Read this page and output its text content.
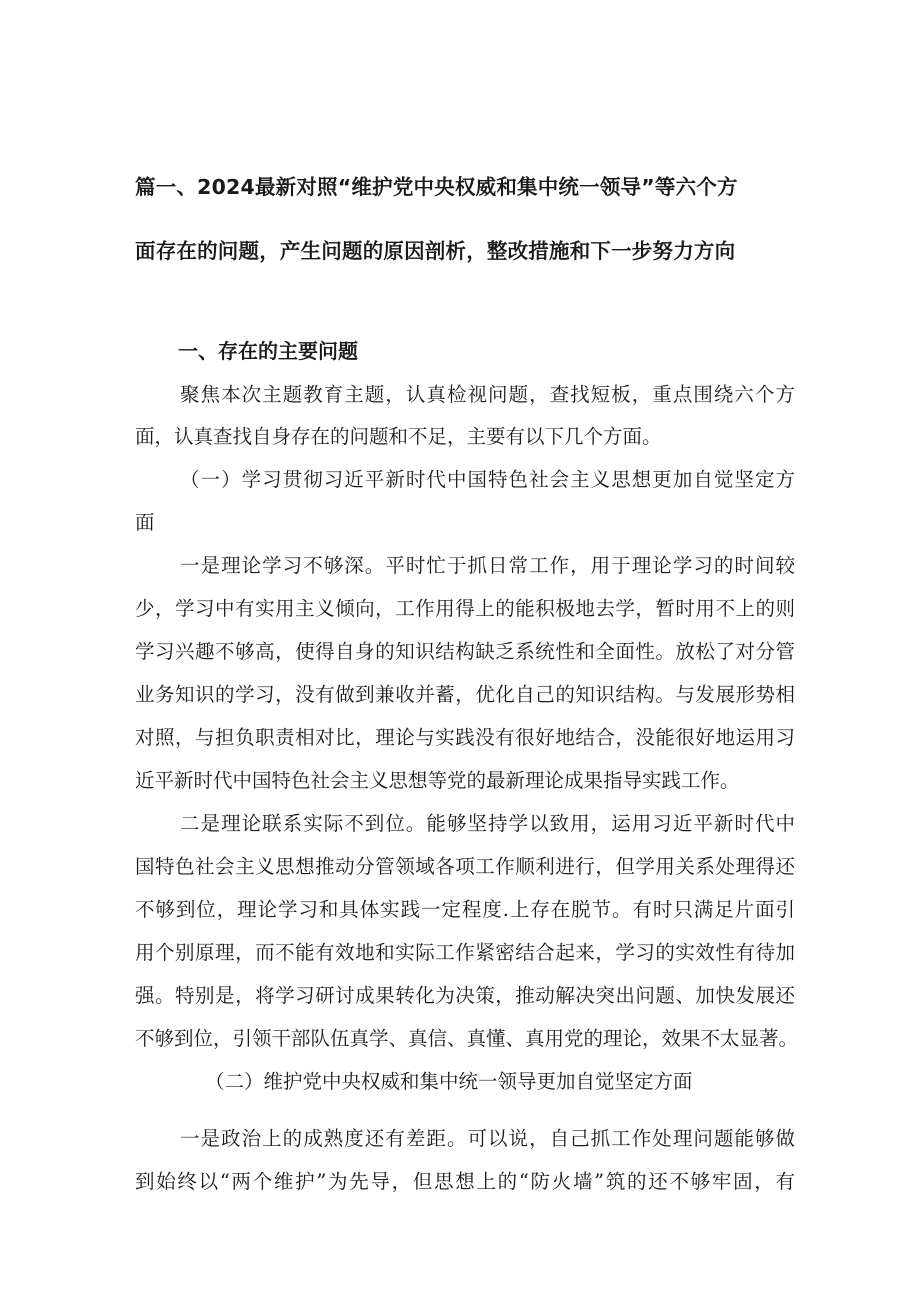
篇一、2024最新对照“维护党中央权威和集中统一领导”等六个方
面存在的问题，产生问题的原因剖析，整改措施和下一步努力方向
一、存在的主要问题
聚焦本次主题教育主题，认真检视问题，查找短板，重点围绕六个方
面，认真查找自身存在的问题和不足，主要有以下几个方面。
（一）学习贯彻习近平新时代中国特色社会主义思想更加自觉坚定方
面
一是理论学习不够深。平时忙于抓日常工作，用于理论学习的时间较
少，学习中有实用主义倾向，工作用得上的能积极地去学，暂时用不上的则
学习兴趣不够高，使得自身的知识结构缺乏系统性和全面性。放松了对分管
业务知识的学习，没有做到兼收并蓄，优化自己的知识结构。与发展形势相
对照，与担负职责相对比，理论与实践没有很好地结合，没能很好地运用习
近平新时代中国特色社会主义思想等党的最新理论成果指导实践工作。
二是理论联系实际不到位。能够坚持学以致用，运用习近平新时代中
国特色社会主义思想推动分管领域各项工作顺利进行，但学用关系处理得还
不够到位，理论学习和具体实践一定程度.上存在脱节。有时只满足片面引
用个别原理，而不能有效地和实际工作紧密结合起来，学习的实效性有待加
强。特别是，将学习研讨成果转化为决策，推动解决突出问题、加快发展还
不够到位，引领干部队伍真学、真信、真懂、真用党的理论，效果不太显著。
（二）维护党中央权威和集中统一领导更加自觉坚定方面
一是政治上的成熟度还有差距。可以说，自己抓工作处理问题能够做
到始终以“两个维护”为先导，但思想上的“防火墙”筑的还不够牢固，有
